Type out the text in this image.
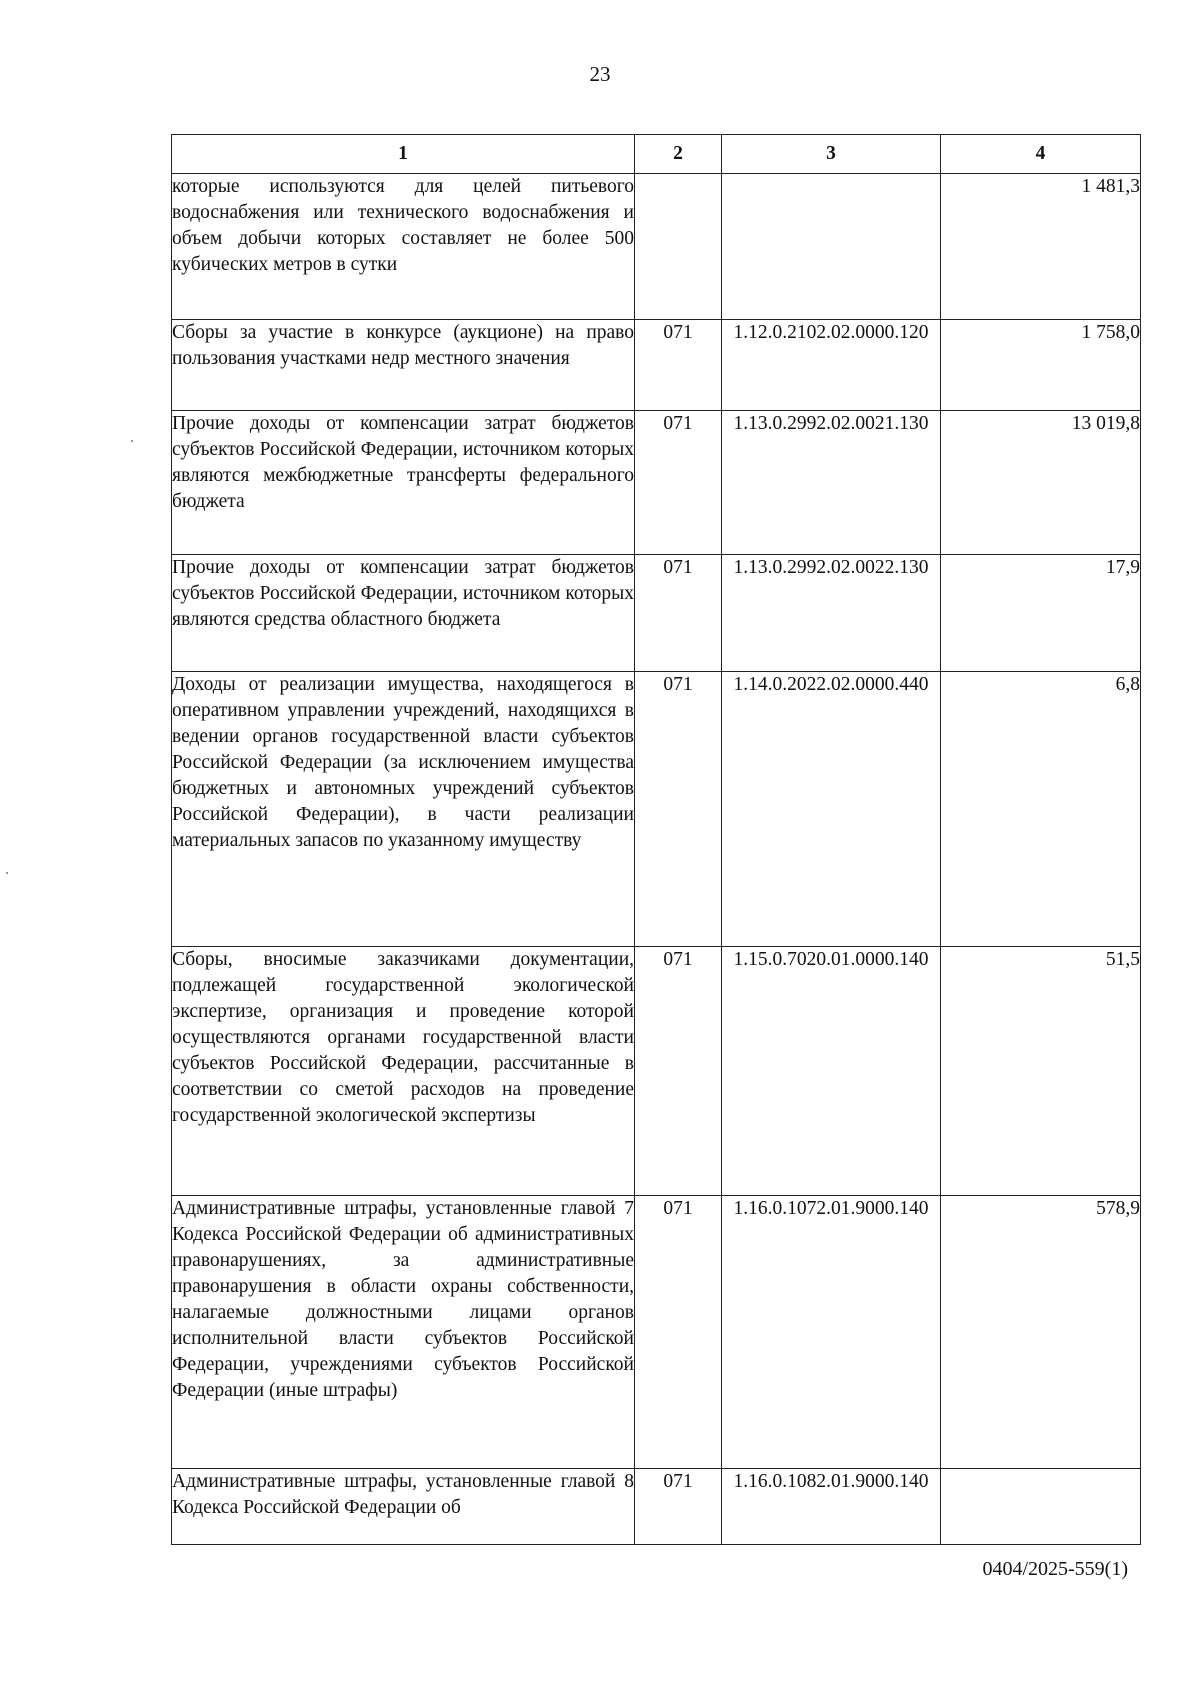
23
1	2	3	4
которые используются для целей питьевого водоснабжения или технического водоснабжения и объем добычи которых составляет не более 500 кубических метров в сутки			1 481,3
Сборы за участие в конкурсе (аукционе) на право пользования участками недр местного значения	071	1.12.0.2102.02.0000.120	1 758,0
Прочие доходы от компенсации затрат бюджетов субъектов Российской Федерации, источником которых являются межбюджетные трансферты федерального бюджета	071	1.13.0.2992.02.0021.130	13 019,8
Прочие доходы от компенсации затрат бюджетов субъектов Российской Федерации, источником которых являются средства областного бюджета	071	1.13.0.2992.02.0022.130	17,9
Доходы от реализации имущества, находящегося в оперативном управлении учреждений, находящихся в ведении органов государственной власти субъектов Российской Федерации (за исключением имущества бюджетных и автономных учреждений субъектов Российской Федерации), в части реализации материальных запасов по указанному имуществу	071	1.14.0.2022.02.0000.440	6,8
Сборы, вносимые заказчиками документации, подлежащей государственной экологической экспертизе, организация и проведение которой осуществляются органами государственной власти субъектов Российской Федерации, рассчитанные в соответствии со сметой расходов на проведение государственной экологической экспертизы	071	1.15.0.7020.01.0000.140	51,5
Административные штрафы, установленные главой 7 Кодекса Российской Федерации об административных правонарушениях, за административные правонарушения в области охраны собственности, налагаемые должностными лицами органов исполнительной власти субъектов Российской Федерации, учреждениями субъектов Российской Федерации (иные штрафы)	071	1.16.0.1072.01.9000.140	578,9
Административные штрафы, установленные главой 8 Кодекса Российской Федерации об	071	1.16.0.1082.01.9000.140	
0404/2025-559(1)
